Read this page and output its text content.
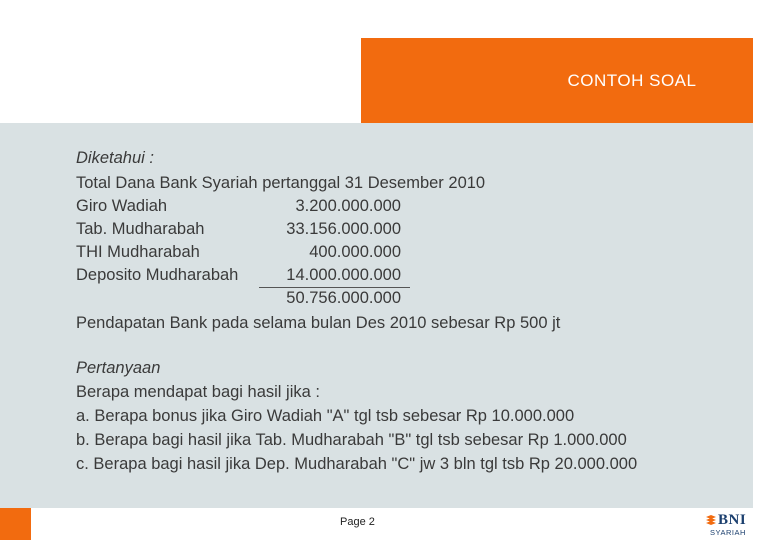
CONTOH SOAL
Diketahui :
Total Dana Bank Syariah pertanggal 31 Desember 2010
Giro Wadiah	3.200.000.000
Tab. Mudharabah	33.156.000.000
THI Mudharabah	400.000.000
Deposito Mudharabah	14.000.000.000
50.756.000.000
Pendapatan Bank pada selama bulan Des 2010 sebesar Rp 500 jt
Pertanyaan
Berapa mendapat bagi hasil jika :
a. Berapa bonus jika Giro Wadiah "A" tgl tsb sebesar Rp 10.000.000
b. Berapa bagi hasil jika Tab. Mudharabah "B" tgl tsb sebesar Rp 1.000.000
c. Berapa bagi hasil jika Dep. Mudharabah "C" jw 3 bln tgl tsb Rp 20.000.000
Page 2	BNI
SYARIAH
